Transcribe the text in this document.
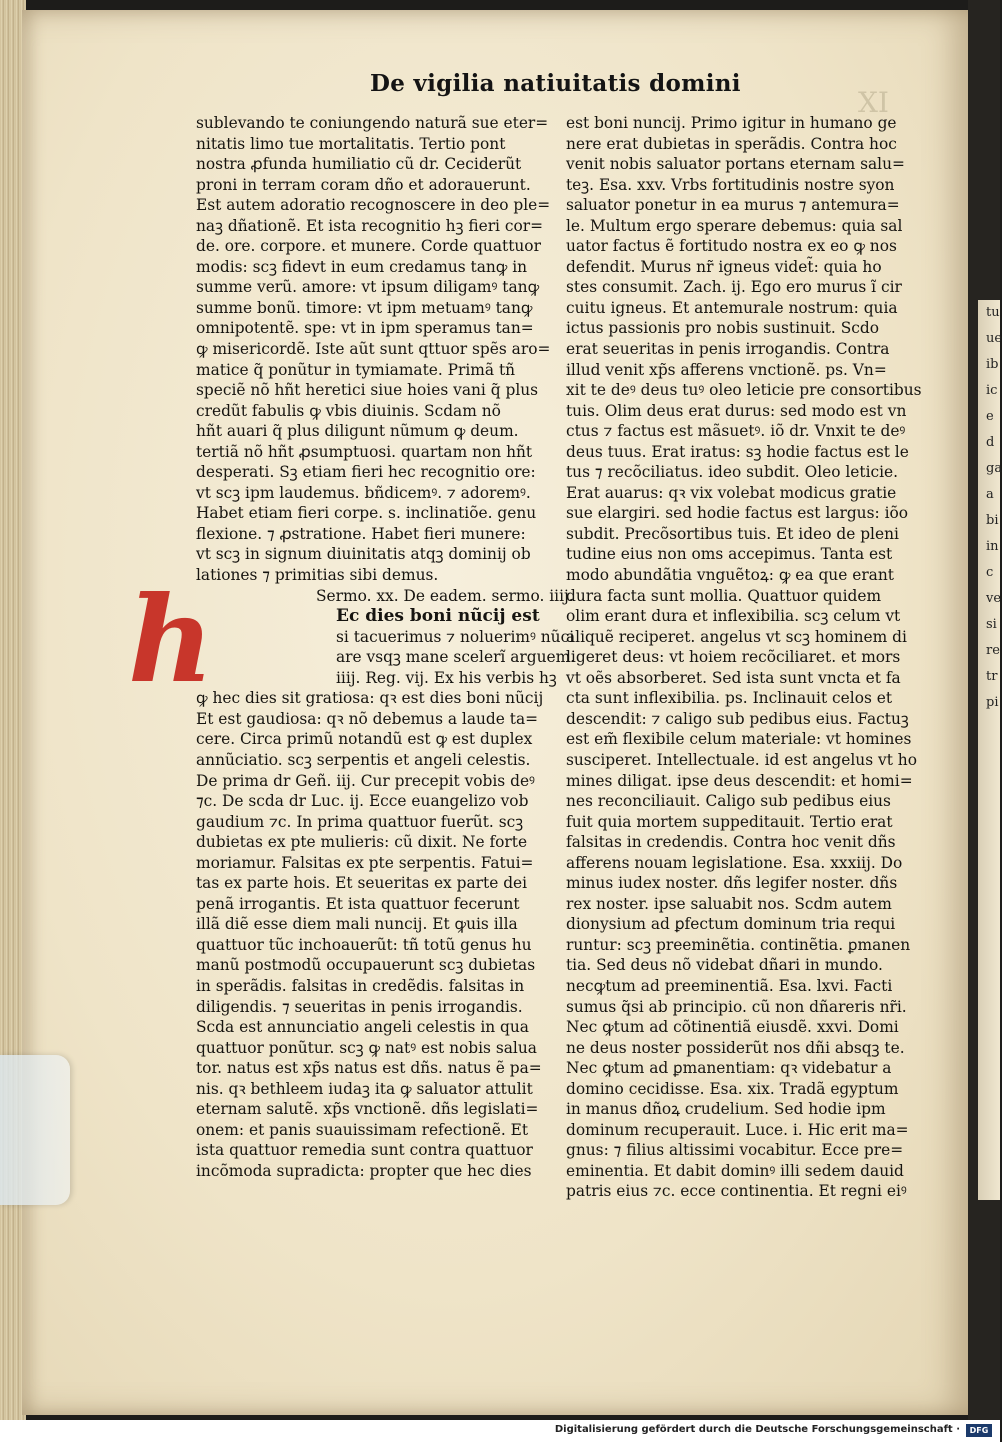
tu
ue
ib
ic
e
d
ga
a
bi
in
c
ve
si
re
tr
pi
De vigilia natiuitatis domini
XI
h
sublevando te coniungendo naturã sue eter=
nitatis limo tue mortalitatis. Tertio pont
nostra ꝓfunda humiliatio cũ dr. Ceciderũt
proni in terram coram dño et adorauerunt.
Est autem adoratio recognoscere in deo ple=
naꝫ dñationẽ. Et ista recognitio hꝫ fieri cor=
de. ore. corpore. et munere. Corde quattuor
modis: scꝫ fidevt in eum credamus tanꝙ in
summe verũ. amore: vt ipsum diligamꝰ tanꝙ
summe bonũ. timore: vt ipm metuamꝰ tanꝙ
omnipotentẽ. spe: vt in ipm speramus tan=
ꝙ misericordẽ. Iste aũt sunt qttuor spẽs aro=
matice q̃ ponũtur in tymiamate. Primã tñ
speciẽ nõ hñt heretici siue hoies vani q̃ plus
credũt fabulis ꝙ vbis diuinis. Scdam nõ
hñt auari q̃ plus diligunt nũmum ꝙ deum.
tertiã nõ hñt ꝓsumptuosi. quartam non hñt
desperati. Sꝫ etiam fieri hec recognitio ore:
vt scꝫ ipm laudemus. bñdicemꝰ. ⁊ adoremꝰ.
Habet etiam fieri corpe. s. inclinatiõe. genu
flexione. ⁊ ꝓstratione. Habet fieri munere:
vt scꝫ in signum diuinitatis atqꝫ dominij ob
lationes ⁊ primitias sibi demus.
Sermo. xx. De eadem. sermo. iiij.
Ec dies boni nũcij est
si tacuerimus ⁊ noluerimꝰ nũci
are vsqꝫ mane scelerĩ arguem.
iiij. Reg. vij. Ex his verbis hꝫ
ꝙ hec dies sit gratiosa: qꝛ est dies boni nũcij
Et est gaudiosa: qꝛ nõ debemus a laude ta=
cere. Circa primũ notandũ est ꝙ est duplex
annũciatio. scꝫ serpentis et angeli celestis.
De prima dr Geñ. iij. Cur precepit vobis deꝰ
⁊c. De scda dr Luc. ij. Ecce euangelizo vob
gaudium ⁊c. In prima quattuor fuerũt. scꝫ
dubietas ex pte mulieris: cũ dixit. Ne forte
moriamur. Falsitas ex pte serpentis. Fatui=
tas ex parte hois. Et seueritas ex parte dei
penã irrogantis. Et ista quattuor fecerunt
illã diẽ esse diem mali nuncij. Et ꝙuis illa
quattuor tũc inchoauerũt: tñ totũ genus hu
manũ postmodũ occupauerunt scꝫ dubietas
in sperãdis. falsitas in credẽdis. falsitas in
diligendis. ⁊ seueritas in penis irrogandis.
Scda est annunciatio angeli celestis in qua
quattuor ponũtur. scꝫ ꝙ natꝰ est nobis salua
tor. natus est xp̃s natus est dñs. natus ẽ pa=
nis. qꝛ bethleem iudaꝫ ita ꝙ saluator attulit
eternam salutẽ. xp̃s vnctionẽ. dñs legislati=
onem: et panis suauissimam refectionẽ. Et
ista quattuor remedia sunt contra quattuor
incõmoda supradicta: propter que hec dies
est boni nuncij. Primo igitur in humano ge
nere erat dubietas in sperãdis. Contra hoc
venit nobis saluator portans eternam salu=
teꝫ. Esa. xxv. Vrbs fortitudinis nostre syon
saluator ponetur in ea murus ⁊ antemura=
le. Multum ergo sperare debemus: quia sal
uator factus ẽ fortitudo nostra ex eo ꝙ nos
defendit. Murus nr̃ igneus videt̃: quia ho
stes consumit. Zach. ij. Ego ero murus ĩ cir
cuitu igneus. Et antemurale nostrum: quia
ictus passionis pro nobis sustinuit. Scdo
erat seueritas in penis irrogandis. Contra
illud venit xp̃s afferens vnctionẽ. ps. Vn=
xit te deꝰ deus tuꝰ oleo leticie pre consortibus
tuis. Olim deus erat durus: sed modo est vn
ctus ⁊ factus est mãsuetꝰ. iõ dr. Vnxit te deꝰ
deus tuus. Erat iratus: sꝫ hodie factus est le
tus ⁊ recõciliatus. ideo subdit. Oleo leticie.
Erat auarus: qꝛ vix volebat modicus gratie
sue elargiri. sed hodie factus est largus: iõo
subdit. Precõsortibus tuis. Et ideo de pleni
tudine eius non oms accepimus. Tanta est
modo abundãtia vnguẽtoꝝ: ꝙ ea que erant
dura facta sunt mollia. Quattuor quidem
olim erant dura et inflexibilia. scꝫ celum vt
aliquẽ reciperet. angelus vt scꝫ hominem di
ligeret deus: vt hoiem recõciliaret. et mors
vt oẽs absorberet. Sed ista sunt vncta et fa
cta sunt inflexibilia. ps. Inclinauit celos et
descendit: ⁊ caligo sub pedibus eius. Factuꝫ
est em̃ flexibile celum materiale: vt homines
susciperet. Intellectuale. id est angelus vt ho
mines diligat. ipse deus descendit: et homi=
nes reconciliauit. Caligo sub pedibus eius
fuit quia mortem suppeditauit. Tertio erat
falsitas in credendis. Contra hoc venit dñs
afferens nouam legislatione. Esa. xxxiij. Do
minus iudex noster. dñs legifer noster. dñs
rex noster. ipse saluabit nos. Scdm autem
dionysium ad ꝑfectum dominum tria requi
runtur: scꝫ preeminẽtia. continẽtia. ꝑmanen
tia. Sed deus nõ videbat dñari in mundo.
necꝙtum ad preeminentiã. Esa. lxvi. Facti
sumus q̃si ab principio. cũ non dñareris nr̃i.
Nec ꝙtum ad cõtinentiã eiusdẽ. xxvi. Domi
ne deus noster possiderũt nos dñi absqꝫ te.
Nec ꝙtum ad ꝑmanentiam: qꝛ videbatur a
domino cecidisse. Esa. xix. Tradã egyptum
in manus dñoꝝ crudelium. Sed hodie ipm
dominum recuperauit. Luce. i. Hic erit ma=
gnus: ⁊ filius altissimi vocabitur. Ecce pre=
eminentia. Et dabit dominꝰ illi sedem dauid
patris eius ⁊c. ecce continentia. Et regni eiꝰ
Digitalisierung gefördert durch die Deutsche Forschungsgemeinschaft ·	DFG
